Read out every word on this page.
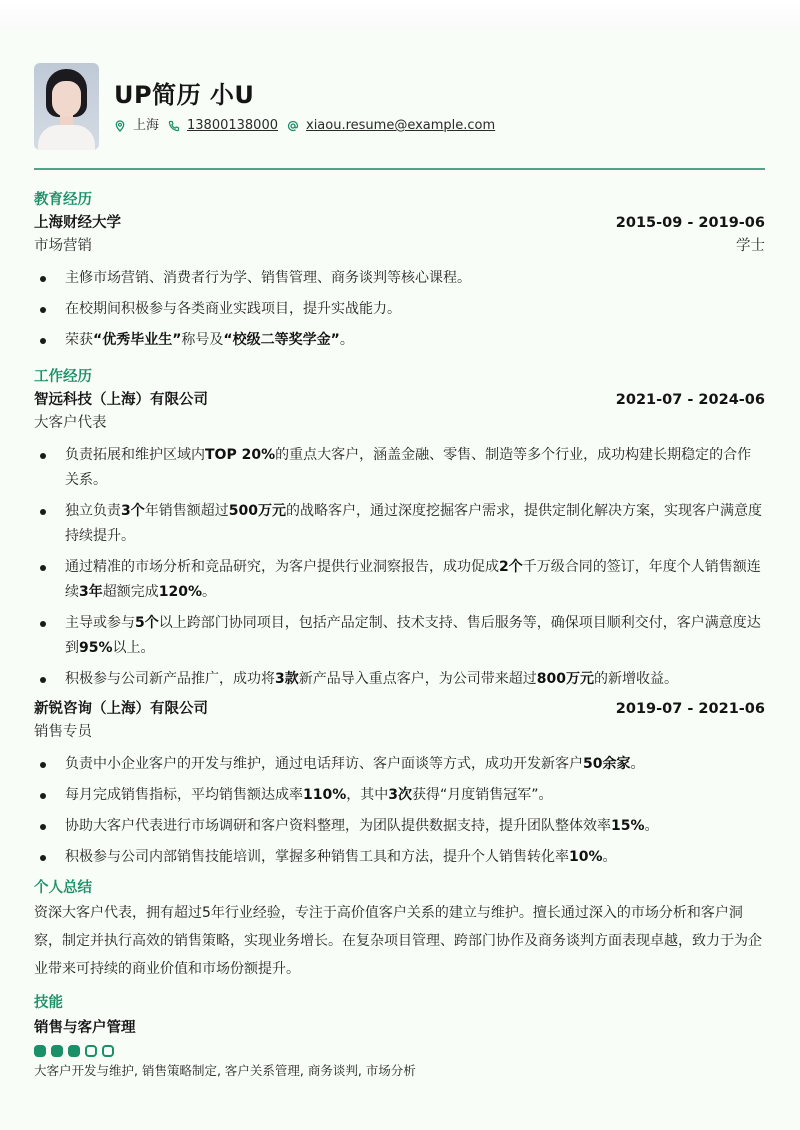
UP简历 小U
上海 13800138000 xiaou.resume@example.com
教育经历
上海财经大学	2015-09 - 2019-06
市场营销	学士
主修市场营销、消费者行为学、销售管理、商务谈判等核心课程。
在校期间积极参与各类商业实践项目，提升实战能力。
荣获“优秀毕业生”称号及“校级二等奖学金”。
工作经历
智远科技（上海）有限公司	2021-07 - 2024-06
大客户代表
负责拓展和维护区域内TOP 20%的重点大客户，涵盖金融、零售、制造等多个行业，成功构建长期稳定的合作关系。
独立负责3个年销售额超过500万元的战略客户，通过深度挖掘客户需求，提供定制化解决方案，实现客户满意度持续提升。
通过精准的市场分析和竞品研究，为客户提供行业洞察报告，成功促成2个千万级合同的签订，年度个人销售额连续3年超额完成120%。
主导或参与5个以上跨部门协同项目，包括产品定制、技术支持、售后服务等，确保项目顺利交付，客户满意度达到95%以上。
积极参与公司新产品推广，成功将3款新产品导入重点客户，为公司带来超过800万元的新增收益。
新锐咨询（上海）有限公司	2019-07 - 2021-06
销售专员
负责中小企业客户的开发与维护，通过电话拜访、客户面谈等方式，成功开发新客户50余家。
每月完成销售指标，平均销售额达成率110%，其中3次获得“月度销售冠军”。
协助大客户代表进行市场调研和客户资料整理，为团队提供数据支持，提升团队整体效率15%。
积极参与公司内部销售技能培训，掌握多种销售工具和方法，提升个人销售转化率10%。
个人总结
资深大客户代表，拥有超过5年行业经验，专注于高价值客户关系的建立与维护。擅长通过深入的市场分析和客户洞察，制定并执行高效的销售策略，实现业务增长。在复杂项目管理、跨部门协作及商务谈判方面表现卓越，致力于为企业带来可持续的商业价值和市场份额提升。
技能
销售与客户管理
大客户开发与维护, 销售策略制定, 客户关系管理, 商务谈判, 市场分析
